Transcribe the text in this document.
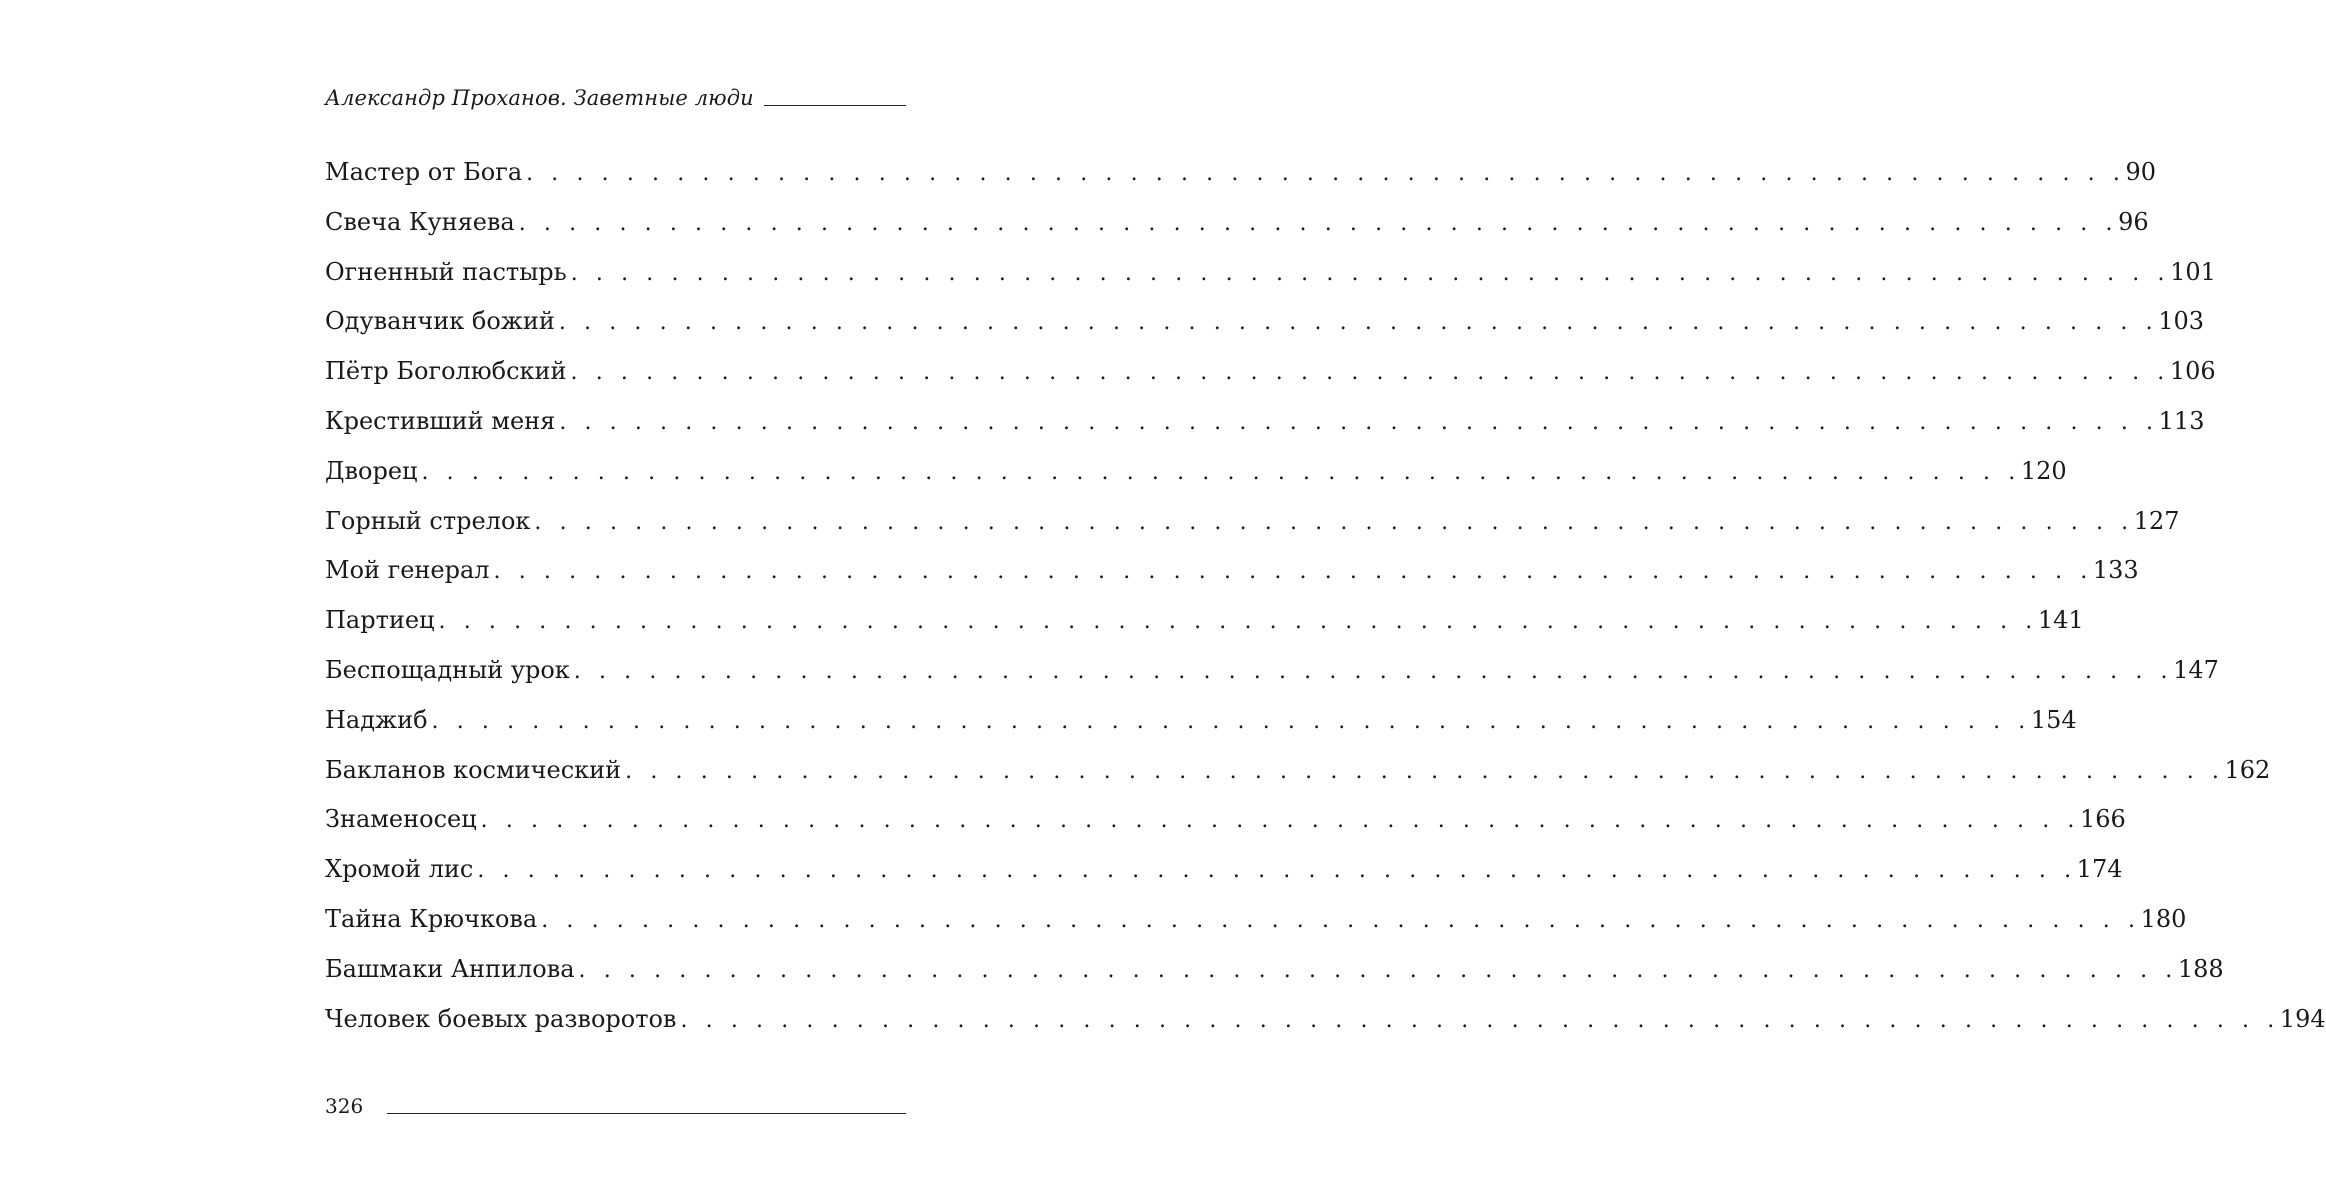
Александр Проханов. Заветные люди
Мастер от Бога . . . . . . . . . . . . . . . . . . . . . . . . . . . . . . . . . . . . . . . . . . . . . . . . . . . . . . . . . . . . . . . . 90
Свеча Куняева . . . . . . . . . . . . . . . . . . . . . . . . . . . . . . . . . . . . . . . . . . . . . . . . . . . . . . . . . . . . . . . . 96
Огненный пастырь . . . . . . . . . . . . . . . . . . . . . . . . . . . . . . . . . . . . . . . . . . . . . . . . . . . . . . . . . . . . . . . . 101
Одуванчик божий . . . . . . . . . . . . . . . . . . . . . . . . . . . . . . . . . . . . . . . . . . . . . . . . . . . . . . . . . . . . . . . . 103
Пётр Боголюбский . . . . . . . . . . . . . . . . . . . . . . . . . . . . . . . . . . . . . . . . . . . . . . . . . . . . . . . . . . . . . . . . 106
Крестивший меня . . . . . . . . . . . . . . . . . . . . . . . . . . . . . . . . . . . . . . . . . . . . . . . . . . . . . . . . . . . . . . . . 113
Дворец . . . . . . . . . . . . . . . . . . . . . . . . . . . . . . . . . . . . . . . . . . . . . . . . . . . . . . . . . . . . . . . . 120
Горный стрелок . . . . . . . . . . . . . . . . . . . . . . . . . . . . . . . . . . . . . . . . . . . . . . . . . . . . . . . . . . . . . . . . 127
Мой генерал . . . . . . . . . . . . . . . . . . . . . . . . . . . . . . . . . . . . . . . . . . . . . . . . . . . . . . . . . . . . . . . . 133
Партиец . . . . . . . . . . . . . . . . . . . . . . . . . . . . . . . . . . . . . . . . . . . . . . . . . . . . . . . . . . . . . . . . 141
Беспощадный урок . . . . . . . . . . . . . . . . . . . . . . . . . . . . . . . . . . . . . . . . . . . . . . . . . . . . . . . . . . . . . . . . 147
Наджиб . . . . . . . . . . . . . . . . . . . . . . . . . . . . . . . . . . . . . . . . . . . . . . . . . . . . . . . . . . . . . . . . 154
Бакланов космический . . . . . . . . . . . . . . . . . . . . . . . . . . . . . . . . . . . . . . . . . . . . . . . . . . . . . . . . . . . . . . . . 162
Знаменосец . . . . . . . . . . . . . . . . . . . . . . . . . . . . . . . . . . . . . . . . . . . . . . . . . . . . . . . . . . . . . . . . 166
Хромой лис . . . . . . . . . . . . . . . . . . . . . . . . . . . . . . . . . . . . . . . . . . . . . . . . . . . . . . . . . . . . . . . . 174
Тайна Крючкова . . . . . . . . . . . . . . . . . . . . . . . . . . . . . . . . . . . . . . . . . . . . . . . . . . . . . . . . . . . . . . . . 180
Башмаки Анпилова . . . . . . . . . . . . . . . . . . . . . . . . . . . . . . . . . . . . . . . . . . . . . . . . . . . . . . . . . . . . . . . . 188
Человек боевых разворотов . . . . . . . . . . . . . . . . . . . . . . . . . . . . . . . . . . . . . . . . . . . . . . . . . . . . . . . . . . . . . . . . 194
326
